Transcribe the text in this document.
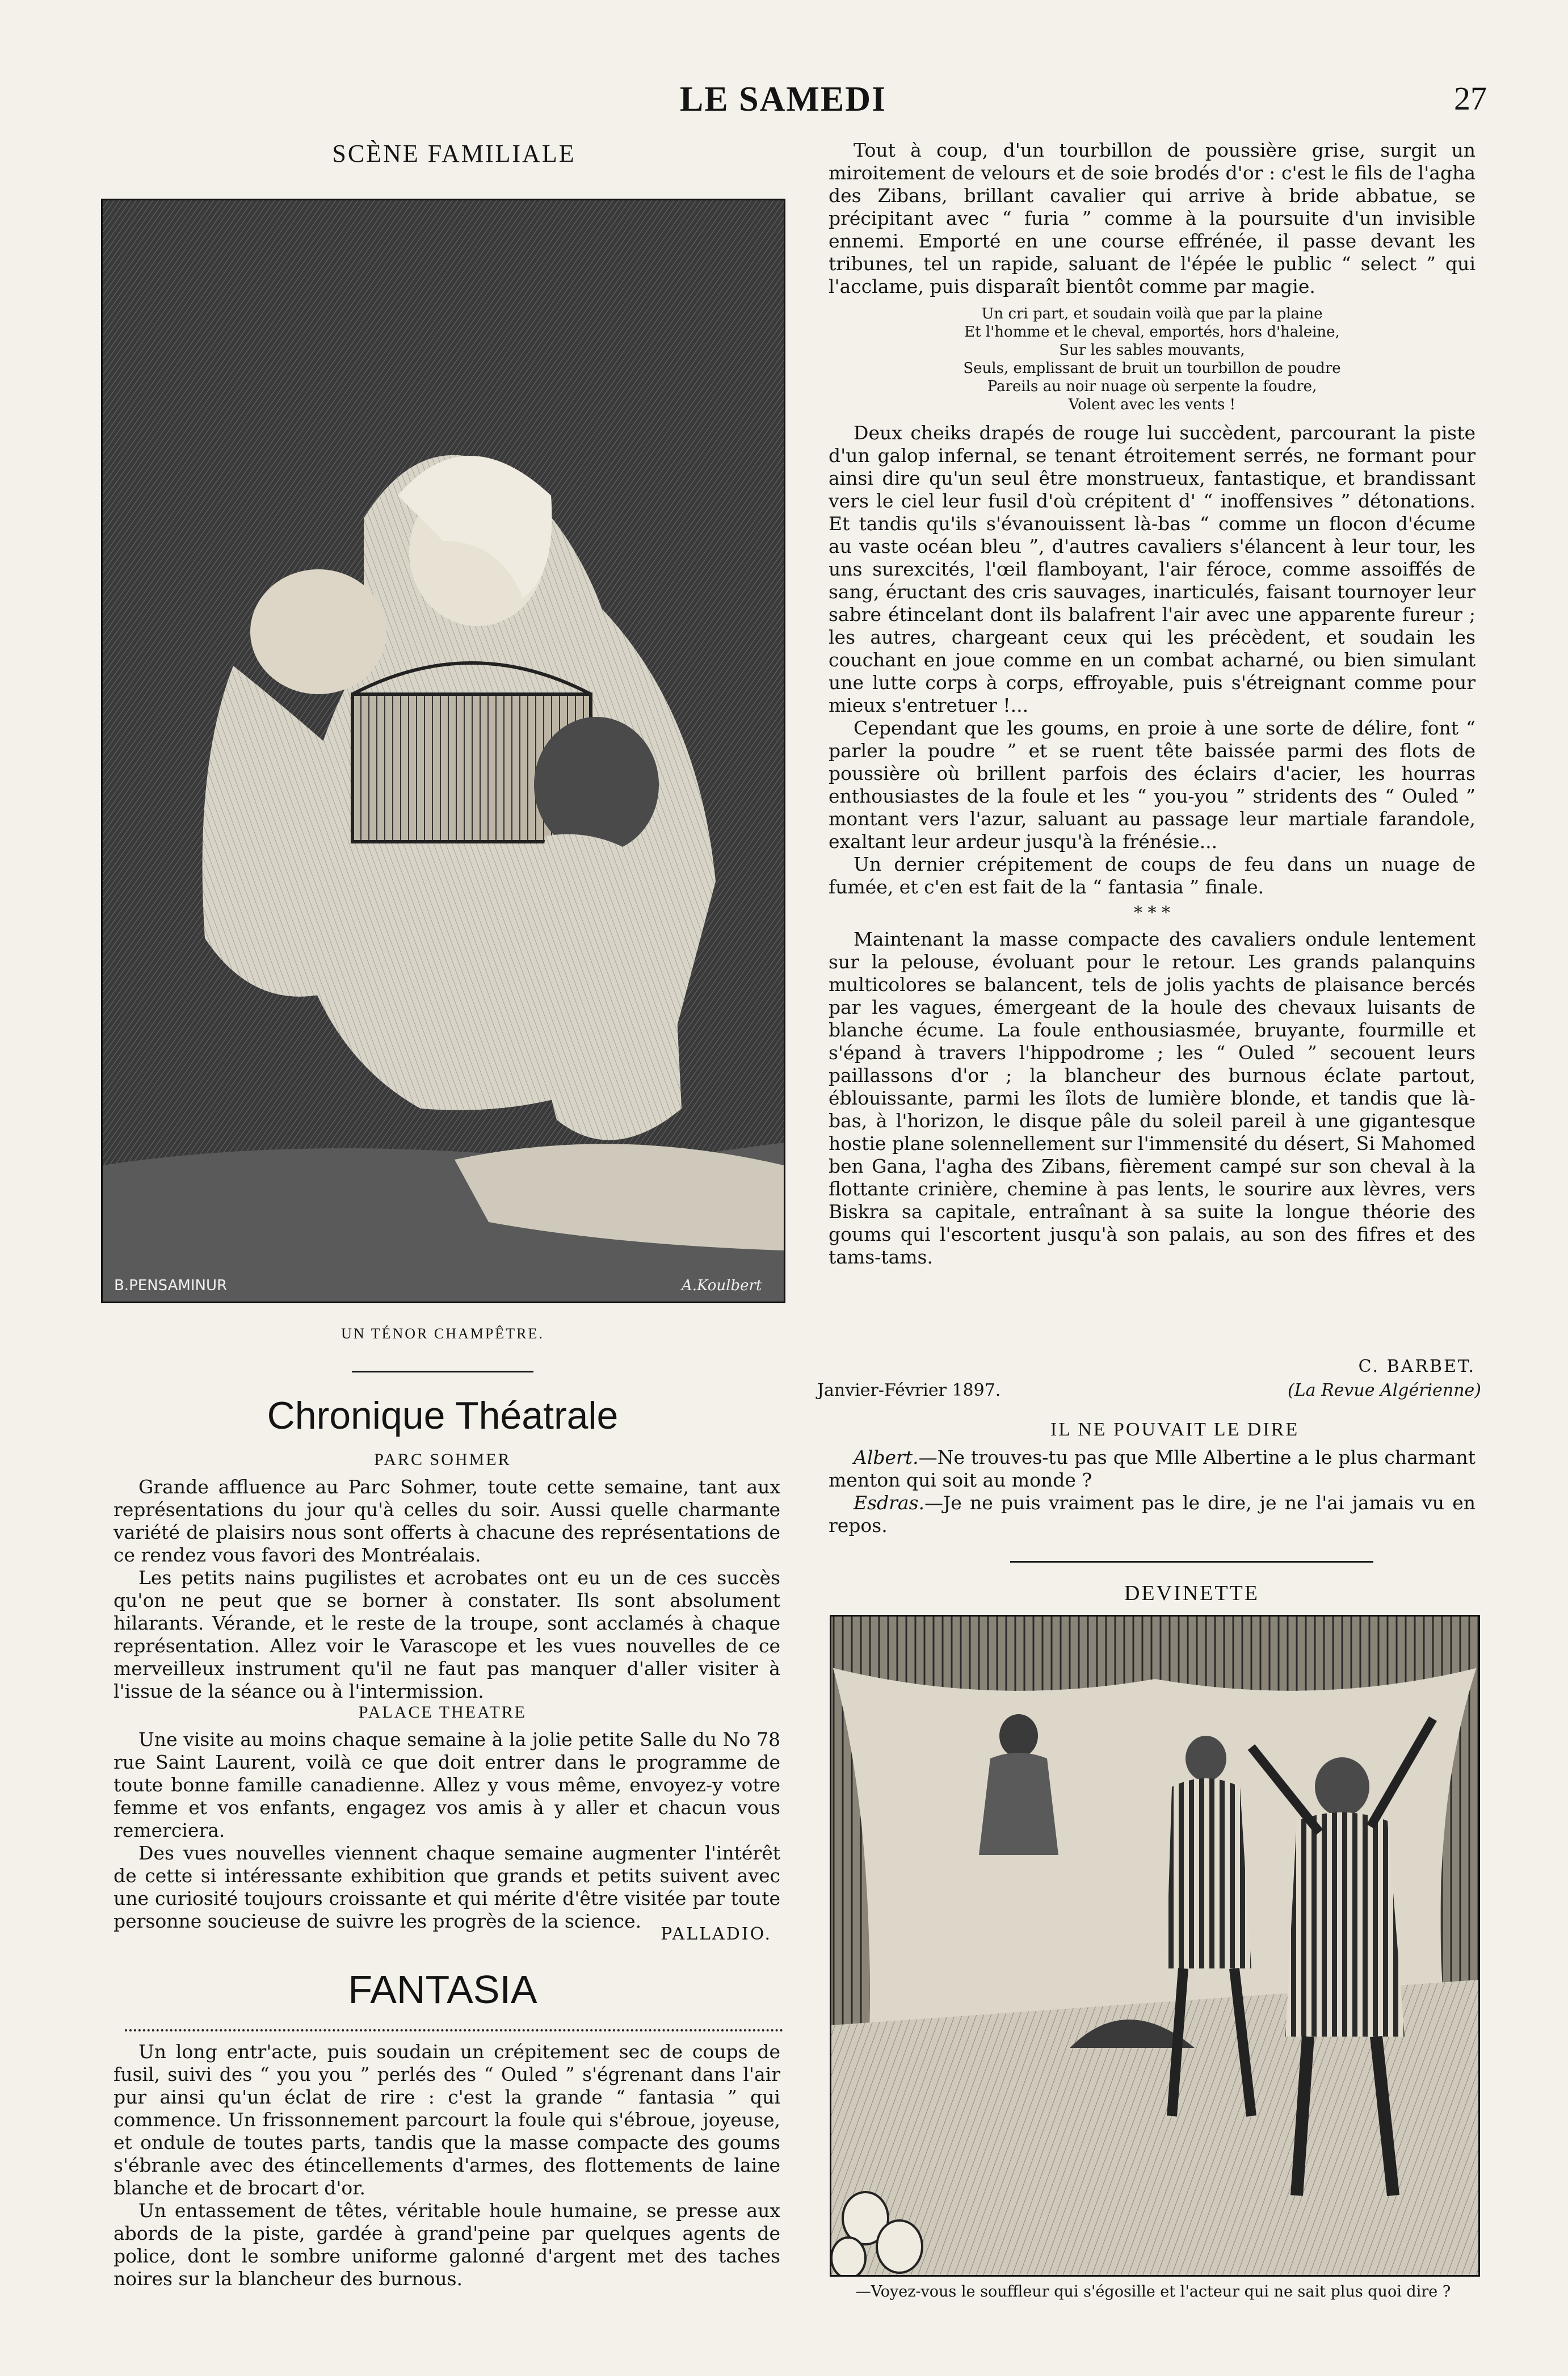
LE SAMEDI	27
SCÈNE FAMILIALE
B.PENSAMINUR	A.Koulbert
UN TÉNOR CHAMPÊTRE.
Chronique Théatrale
PARC SOHMER

Grande affluence au Parc Sohmer, toute cette semaine, tant aux représentations du jour qu'à celles du soir. Aussi quelle charmante variété de plaisirs nous sont offerts à chacune des représentations de ce rendez vous favori des Montréalais.

Les petits nains pugilistes et acrobates ont eu un de ces succès qu'on ne peut que se borner à constater. Ils sont absolument hilarants. Vérande, et le reste de la troupe, sont acclamés à chaque représentation. Allez voir le Varascope et les vues nouvelles de ce merveilleux instrument qu'il ne faut pas manquer d'aller visiter à l'issue de la séance ou à l'intermission.

PALACE THEATRE

Une visite au moins chaque semaine à la jolie petite Salle du No 78 rue Saint Laurent, voilà ce que doit entrer dans le programme de toute bonne famille canadienne. Allez y vous même, envoyez-y votre femme et vos enfants, engagez vos amis à y aller et chacun vous remerciera.

Des vues nouvelles viennent chaque semaine augmenter l'intérêt de cette si intéressante exhibition que grands et petits suivent avec une curiosité toujours croissante et qui mérite d'être visitée par toute personne soucieuse de suivre les progrès de la science.

PALLADIO.
FANTASIA

Un long entr'acte, puis soudain un crépitement sec de coups de fusil, suivi des “ you you ” perlés des “ Ouled ” s'égrenant dans l'air pur ainsi qu'un éclat de rire : c'est la grande “ fantasia ” qui commence. Un frissonnement parcourt la foule qui s'ébroue, joyeuse, et ondule de toutes parts, tandis que la masse compacte des goums s'ébranle avec des étincellements d'armes, des flottements de laine blanche et de brocart d'or.

Un entassement de têtes, véritable houle humaine, se presse aux abords de la piste, gardée à grand'peine par quelques agents de police, dont le sombre uniforme galonné d'argent met des taches noires sur la blancheur des burnous.

Tout à coup, d'un tourbillon de poussière grise, surgit un miroitement de velours et de soie brodés d'or : c'est le fils de l'agha des Zibans, brillant cavalier qui arrive à bride abbatue, se précipitant avec “ furia ” comme à la poursuite d'un invisible ennemi. Emporté en une course effrénée, il passe devant les tribunes, tel un rapide, saluant de l'épée le public “ select ” qui l'acclame, puis disparaît bientôt comme par magie.

Un cri part, et soudain voilà que par la plaine

Et l'homme et le cheval, emportés, hors d'haleine,

Sur les sables mouvants,

Seuls, emplissant de bruit un tourbillon de poudre

Pareils au noir nuage où serpente la foudre,

Volent avec les vents !

Deux cheiks drapés de rouge lui succèdent, parcourant la piste d'un galop infernal, se tenant étroitement serrés, ne formant pour ainsi dire qu'un seul être monstrueux, fantastique, et brandissant vers le ciel leur fusil d'où crépitent d' “ inoffensives ” détonations. Et tandis qu'ils s'évanouissent là-bas “ comme un flocon d'écume au vaste océan bleu ”, d'autres cavaliers s'élancent à leur tour, les uns surexcités, l'œil flamboyant, l'air féroce, comme assoiffés de sang, éructant des cris sauvages, inarticulés, faisant tournoyer leur sabre étincelant dont ils balafrent l'air avec une apparente fureur ; les autres, chargeant ceux qui les précèdent, et soudain les couchant en joue comme en un combat acharné, ou bien simulant une lutte corps à corps, effroyable, puis s'étreignant comme pour mieux s'entretuer !...

Cependant que les goums, en proie à une sorte de délire, font “ parler la poudre ” et se ruent tête baissée parmi des flots de poussière où brillent parfois des éclairs d'acier, les hourras enthousiastes de la foule et les “ you-you ” stridents des “ Ouled ” montant vers l'azur, saluant au passage leur martiale farandole, exaltant leur ardeur jusqu'à la frénésie...

Un dernier crépitement de coups de feu dans un nuage de fumée, et c'en est fait de la “ fantasia ” finale.

* * *

Maintenant la masse compacte des cavaliers ondule lentement sur la pelouse, évoluant pour le retour. Les grands palanquins multicolores se balancent, tels de jolis yachts de plaisance bercés par les vagues, émergeant de la houle des chevaux luisants de blanche écume. La foule enthousiasmée, bruyante, fourmille et s'épand à travers l'hippodrome ; les “ Ouled ” secouent leurs paillassons d'or ; la blancheur des burnous éclate partout, éblouissante, parmi les îlots de lumière blonde, et tandis que là-bas, à l'horizon, le disque pâle du soleil pareil à une gigantesque hostie plane solennellement sur l'immensité du désert, Si Mahomed ben Gana, l'agha des Zibans, fièrement campé sur son cheval à la flottante crinière, chemine à pas lents, le sourire aux lèvres, vers Biskra sa capitale, entraînant à sa suite la longue théorie des goums qui l'escortent jusqu'à son palais, au son des fifres et des tams-tams.

C. BARBET.
Janvier-Février 1897.	(La Revue Algérienne)
IL NE POUVAIT LE DIRE

Albert.—Ne trouves-tu pas que Mlle Albertine a le plus charmant menton qui soit au monde ?

Esdras.—Je ne puis vraiment pas le dire, je ne l'ai jamais vu en repos.

DEVINETTE
—Voyez-vous le souffleur qui s'égosille et l'acteur qui ne sait plus quoi dire ?
